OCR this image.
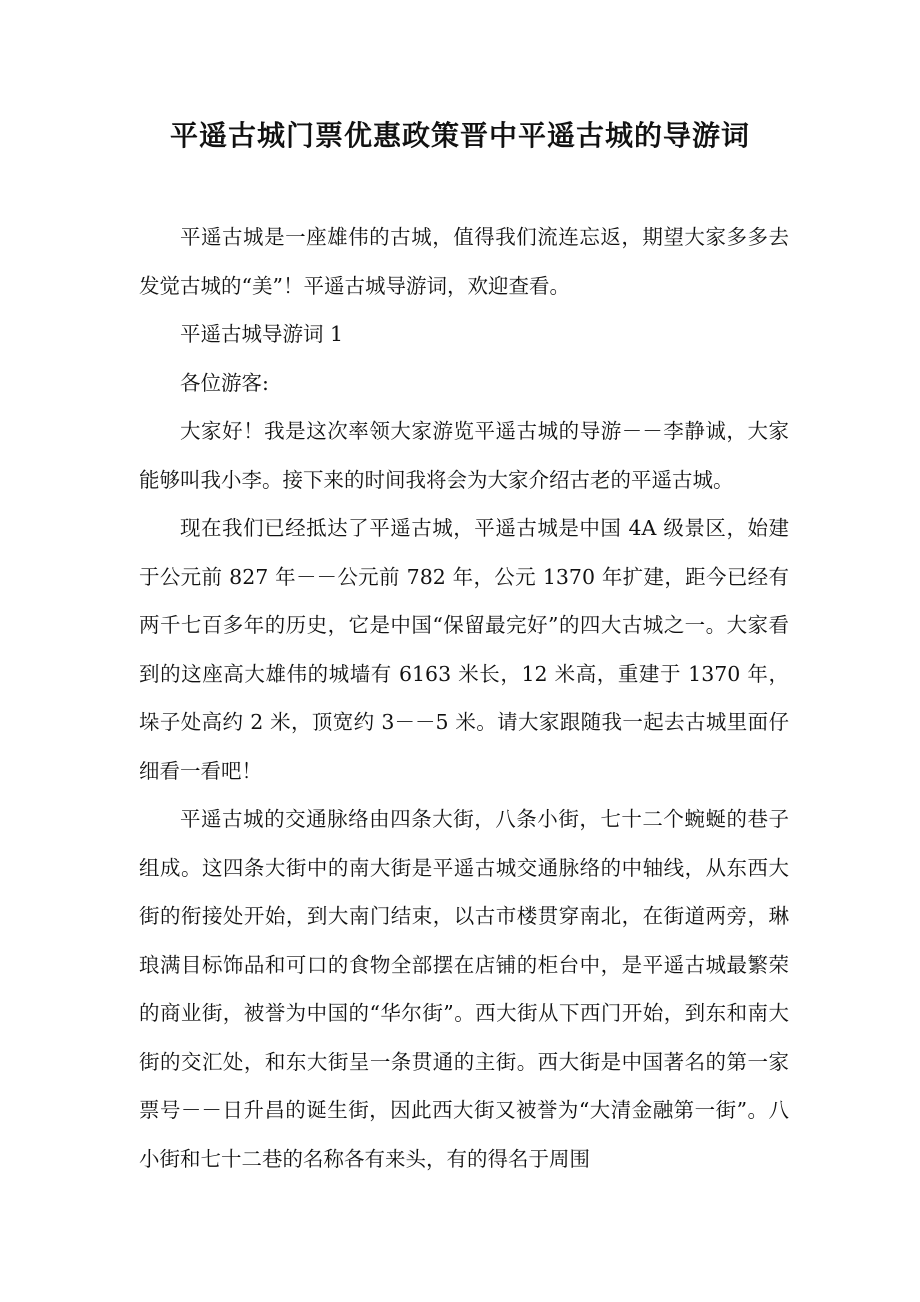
平遥古城门票优惠政策晋中平遥古城的导游词

平遥古城是一座雄伟的古城，值得我们流连忘返，期望大家多多去发觉古城的“美”！平遥古城导游词，欢迎查看。

平遥古城导游词 1

各位游客:

大家好！我是这次率领大家游览平遥古城的导游－－李静诚，大家能够叫我小李。接下来的时间我将会为大家介绍古老的平遥古城。

现在我们已经抵达了平遥古城，平遥古城是中国 4A 级景区，始建于公元前 827 年－－公元前 782 年，公元 1370 年扩建，距今已经有两千七百多年的历史，它是中国“保留最完好”的四大古城之一。大家看到的这座高大雄伟的城墙有 6163 米长，12 米高，重建于 1370 年，垛子处高约 2 米，顶宽约 3－－5 米。请大家跟随我一起去古城里面仔细看一看吧！

平遥古城的交通脉络由四条大街，八条小街，七十二个蜿蜒的巷子组成。这四条大街中的南大街是平遥古城交通脉络的中轴线，从东西大街的衔接处开始，到大南门结束，以古市楼贯穿南北，在街道两旁，琳琅满目标饰品和可口的食物全部摆在店铺的柜台中，是平遥古城最繁荣的商业街，被誉为中国的“华尔街”。西大街从下西门开始，到东和南大街的交汇处，和东大街呈一条贯通的主街。西大街是中国著名的第一家票号－－日升昌的诞生街，因此西大街又被誉为“大清金融第一街”。八小街和七十二巷的名称各有来头，有的得名于周围
